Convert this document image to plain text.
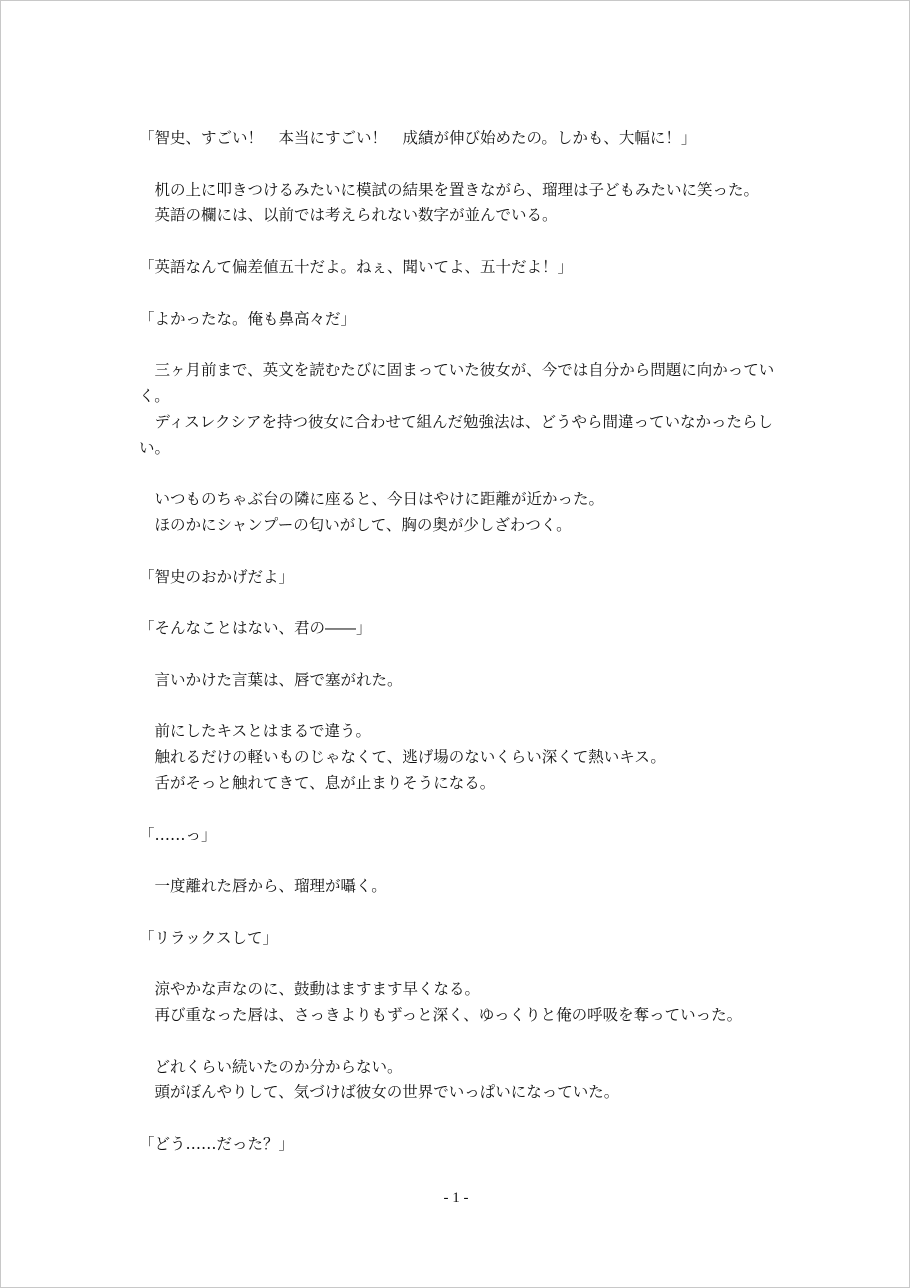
「智史、すごい！　本当にすごい！　成績が伸び始めたの。しかも、大幅に！」
机の上に叩きつけるみたいに模試の結果を置きながら、瑠理は子どもみたいに笑った。
英語の欄には、以前では考えられない数字が並んでいる。
「英語なんて偏差値五十だよ。ねぇ、聞いてよ、五十だよ！」
「よかったな。俺も鼻高々だ」
三ヶ月前まで、英文を読むたびに固まっていた彼女が、今では自分から問題に向かっていく。
ディスレクシアを持つ彼女に合わせて組んだ勉強法は、どうやら間違っていなかったらしい。
いつものちゃぶ台の隣に座ると、今日はやけに距離が近かった。
ほのかにシャンプーの匂いがして、胸の奥が少しざわつく。
「智史のおかげだよ」
「そんなことはない、君の――」
言いかけた言葉は、唇で塞がれた。
前にしたキスとはまるで違う。
触れるだけの軽いものじゃなくて、逃げ場のないくらい深くて熱いキス。
舌がそっと触れてきて、息が止まりそうになる。
「……っ」
一度離れた唇から、瑠理が囁く。
「リラックスして」
涼やかな声なのに、鼓動はますます早くなる。
再び重なった唇は、さっきよりもずっと深く、ゆっくりと俺の呼吸を奪っていった。
どれくらい続いたのか分からない。
頭がぼんやりして、気づけば彼女の世界でいっぱいになっていた。
「どう……だった？」
- 1 -
